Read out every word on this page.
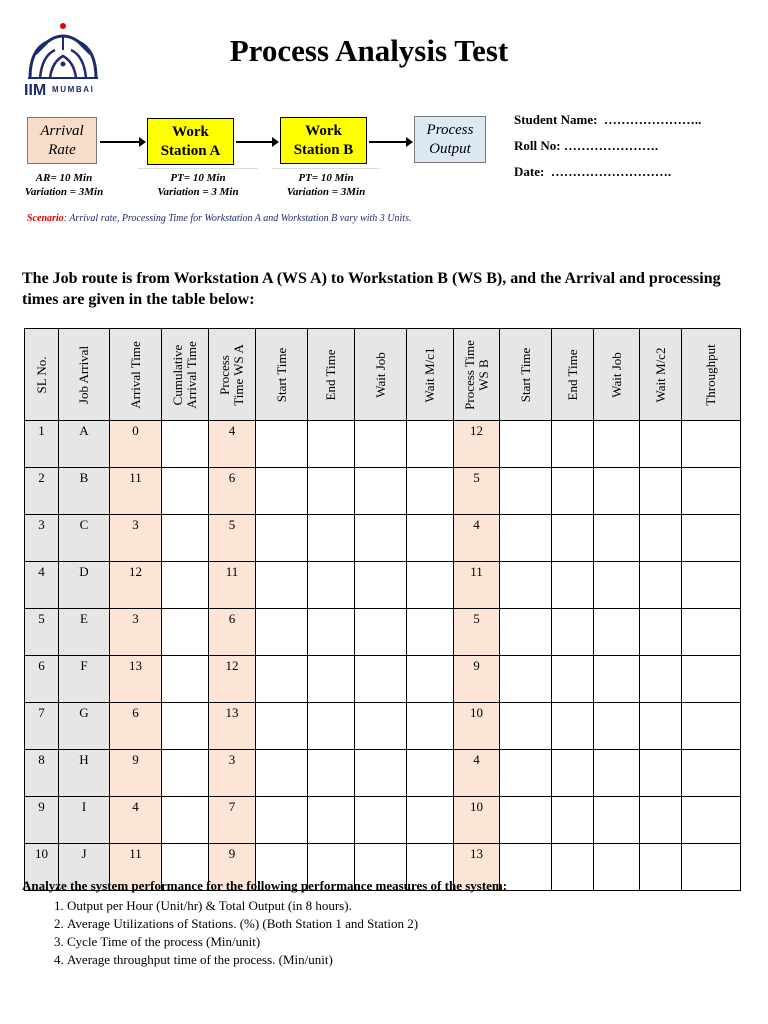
IIM MUMBAI
Process Analysis Test
Arrival
Rate
Work
Station A
Work
Station B
Process
Output
AR= 10 Min
Variation = 3Min
PT= 10 Min
Variation = 3 Min
PT= 10 Min
Variation = 3Min
Scenario: Arrival rate, Processing Time for Workstation A and Workstation B vary with 3 Units.
Student Name: …………………..
Roll No: ………………….
Date: ……………………….
The Job route is from Workstation A (WS A) to Workstation B (WS B), and the Arrival and processing times are given in the table below:
SL No.	Job Arrival	Arrival Time	Cumulative Arrival Time	Process Time WS A	Start Time	End Time	Wait Job	Wait M/c1	Process Time WS B	Start Time	End Time	Wait Job	Wait M/c2	Throughput

1	A	0		4					12					
2	B	11		6					5					
3	C	3		5					4					
4	D	12		11					11					
5	E	3		6					5					
6	F	13		12					9					
7	G	6		13					10					
8	H	9		3					4					
9	I	4		7					10					
10	J	11		9					13					
Analyze the system performance for the following performance measures of the system:
1. Output per Hour (Unit/hr) & Total Output (in 8 hours).
2. Average Utilizations of Stations. (%) (Both Station 1 and Station 2)
3. Cycle Time of the process (Min/unit)
4. Average throughput time of the process. (Min/unit)
